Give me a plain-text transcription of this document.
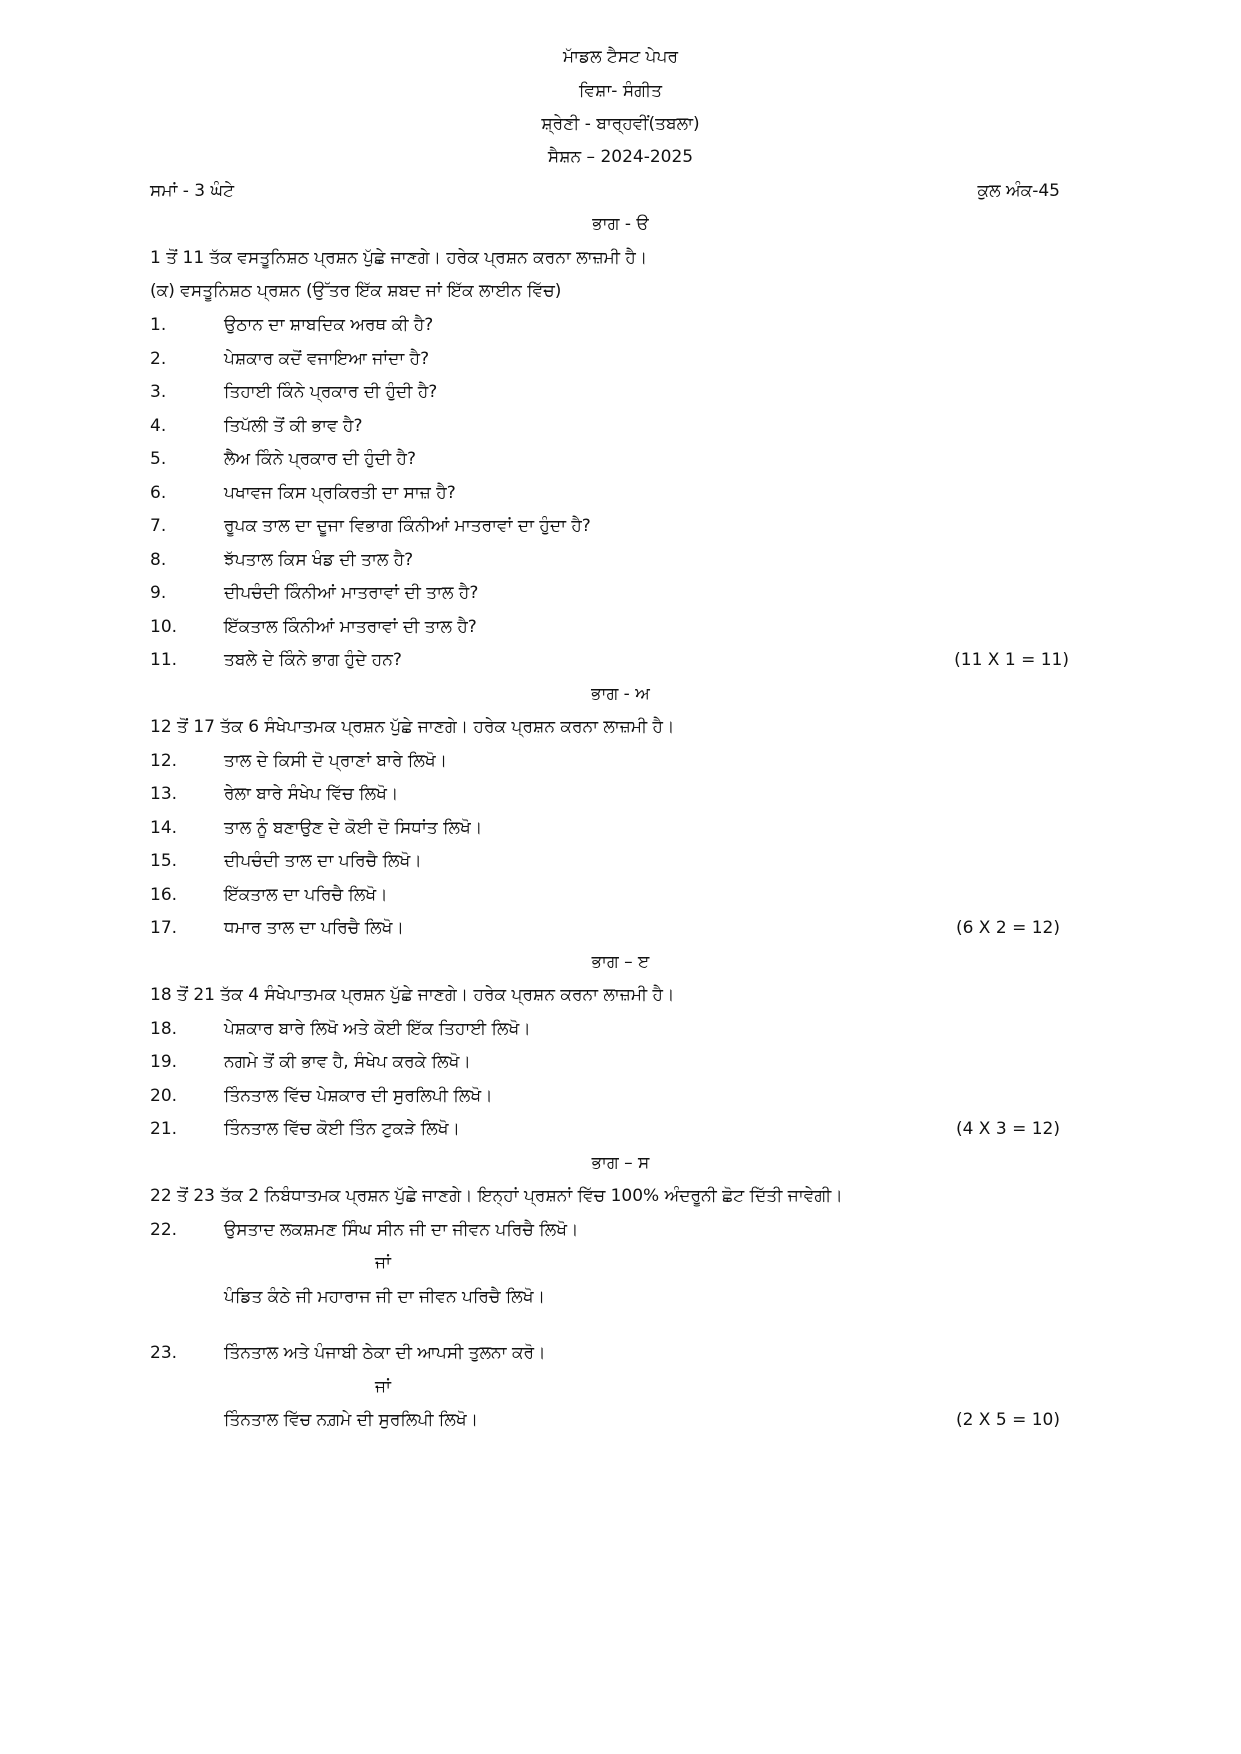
ਮਾੱਡਲ ਟੈਸਟ ਪੇਪਰ
ਵਿਸ਼ਾ- ਸੰਗੀਤ
ਸ਼੍ਰੇਣੀ - ਬਾਰ੍ਹਵੀਂ(ਤਬਲਾ)
ਸੈਸ਼ਨ – 2024-2025
ਸਮਾਂ - 3 ਘੰਟੇ	ਕੁਲ ਅੰਕ-45
ਭਾਗ - ੳ
1 ਤੋਂ 11 ਤੱਕ ਵਸਤੂਨਿਸ਼ਠ ਪ੍ਰਸ਼ਨ ਪੁੱਛੇ ਜਾਣਗੇ। ਹਰੇਕ ਪ੍ਰਸ਼ਨ ਕਰਨਾ ਲਾਜ਼ਮੀ ਹੈ।
(ਕ) ਵਸਤੂਨਿਸ਼ਠ ਪ੍ਰਸ਼ਨ (ਉੱਤਰ ਇੱਕ ਸ਼ਬਦ ਜਾਂ ਇੱਕ ਲਾਈਨ ਵਿੱਚ)
1.	ਉਠਾਨ ਦਾ ਸ਼ਾਬਦਿਕ ਅਰਥ ਕੀ ਹੈ?
2.	ਪੇਸ਼ਕਾਰ ਕਦੋਂ ਵਜਾਇਆ ਜਾਂਦਾ ਹੈ?
3.	ਤਿਹਾਈ ਕਿੰਨੇ ਪ੍ਰਕਾਰ ਦੀ ਹੁੰਦੀ ਹੈ?
4.	ਤਿਪੱਲੀ ਤੋਂ ਕੀ ਭਾਵ ਹੈ?
5.	ਲੈਅ ਕਿੰਨੇ ਪ੍ਰਕਾਰ ਦੀ ਹੁੰਦੀ ਹੈ?
6.	ਪਖਾਵਜ ਕਿਸ ਪ੍ਰਕਿਰਤੀ ਦਾ ਸਾਜ਼ ਹੈ?
7.	ਰੂਪਕ ਤਾਲ ਦਾ ਦੂਜਾ ਵਿਭਾਗ ਕਿੰਨੀਆਂ ਮਾਤਰਾਵਾਂ ਦਾ ਹੁੰਦਾ ਹੈ?
8.	ਝੱਪਤਾਲ ਕਿਸ ਖੰਡ ਦੀ ਤਾਲ ਹੈ?
9.	ਦੀਪਚੰਦੀ ਕਿੰਨੀਆਂ ਮਾਤਰਾਵਾਂ ਦੀ ਤਾਲ ਹੈ?
10.	ਇੱਕਤਾਲ ਕਿੰਨੀਆਂ ਮਾਤਰਾਵਾਂ ਦੀ ਤਾਲ ਹੈ?
11.	ਤਬਲੇ ਦੇ ਕਿੰਨੇ ਭਾਗ ਹੁੰਦੇ ਹਨ?	(11 X 1 = 11)
ਭਾਗ - ਅ
12 ਤੋਂ 17 ਤੱਕ 6 ਸੰਖੇਪਾਤਮਕ ਪ੍ਰਸ਼ਨ ਪੁੱਛੇ ਜਾਣਗੇ। ਹਰੇਕ ਪ੍ਰਸ਼ਨ ਕਰਨਾ ਲਾਜ਼ਮੀ ਹੈ।
12.	ਤਾਲ ਦੇ ਕਿਸੀ ਦੋ ਪ੍ਰਾਣਾਂ ਬਾਰੇ ਲਿਖੋ।
13.	ਰੇਲਾ ਬਾਰੇ ਸੰਖੇਪ ਵਿੱਚ ਲਿਖੋ।
14.	ਤਾਲ ਨੂੰ ਬਣਾਉਣ ਦੇ ਕੋਈ ਦੋ ਸਿਧਾਂਤ ਲਿਖੋ।
15.	ਦੀਪਚੰਦੀ ਤਾਲ ਦਾ ਪਰਿਚੈ ਲਿਖੋ।
16.	ਇੱਕਤਾਲ ਦਾ ਪਰਿਚੈ ਲਿਖੋ।
17.	ਧਮਾਰ ਤਾਲ ਦਾ ਪਰਿਚੈ ਲਿਖੋ।	(6 X 2 = 12)
ਭਾਗ – ੲ
18 ਤੋਂ 21 ਤੱਕ 4 ਸੰਖੇਪਾਤਮਕ ਪ੍ਰਸ਼ਨ ਪੁੱਛੇ ਜਾਣਗੇ। ਹਰੇਕ ਪ੍ਰਸ਼ਨ ਕਰਨਾ ਲਾਜ਼ਮੀ ਹੈ।
18.	ਪੇਸ਼ਕਾਰ ਬਾਰੇ ਲਿਖੋ ਅਤੇ ਕੋਈ ਇੱਕ ਤਿਹਾਈ ਲਿਖੋ।
19.	ਨਗਮੇ ਤੋਂ ਕੀ ਭਾਵ ਹੈ, ਸੰਖੇਪ ਕਰਕੇ ਲਿਖੋ।
20.	ਤਿੰਨਤਾਲ ਵਿੱਚ ਪੇਸ਼ਕਾਰ ਦੀ ਸੁਰਲਿਪੀ ਲਿਖੋ।
21.	ਤਿੰਨਤਾਲ ਵਿੱਚ ਕੋਈ ਤਿੰਨ ਟੁਕੜੇ ਲਿਖੋ।	(4 X 3 = 12)
ਭਾਗ – ਸ
22 ਤੋਂ 23 ਤੱਕ 2 ਨਿਬੰਧਾਤਮਕ ਪ੍ਰਸ਼ਨ ਪੁੱਛੇ ਜਾਣਗੇ। ਇਨ੍ਹਾਂ ਪ੍ਰਸ਼ਨਾਂ ਵਿੱਚ 100% ਅੰਦਰੂਨੀ ਛੋਟ ਦਿੱਤੀ ਜਾਵੇਗੀ।
22.	ਉਸਤਾਦ ਲਕਸ਼ਮਣ ਸਿੰਘ ਸੀਨ ਜੀ ਦਾ ਜੀਵਨ ਪਰਿਚੈ ਲਿਖੋ।
ਜਾਂ
ਪੰਡਿਤ ਕੰਠੇ ਜੀ ਮਹਾਰਾਜ ਜੀ ਦਾ ਜੀਵਨ ਪਰਿਚੈ ਲਿਖੋ।
23.	ਤਿੰਨਤਾਲ ਅਤੇ ਪੰਜਾਬੀ ਠੇਕਾ ਦੀ ਆਪਸੀ ਤੁਲਨਾ ਕਰੋ।
ਜਾਂ
ਤਿੰਨਤਾਲ ਵਿੱਚ ਨਗ਼ਮੇ ਦੀ ਸੁਰਲਿਪੀ ਲਿਖੋ।	(2 X 5 = 10)
